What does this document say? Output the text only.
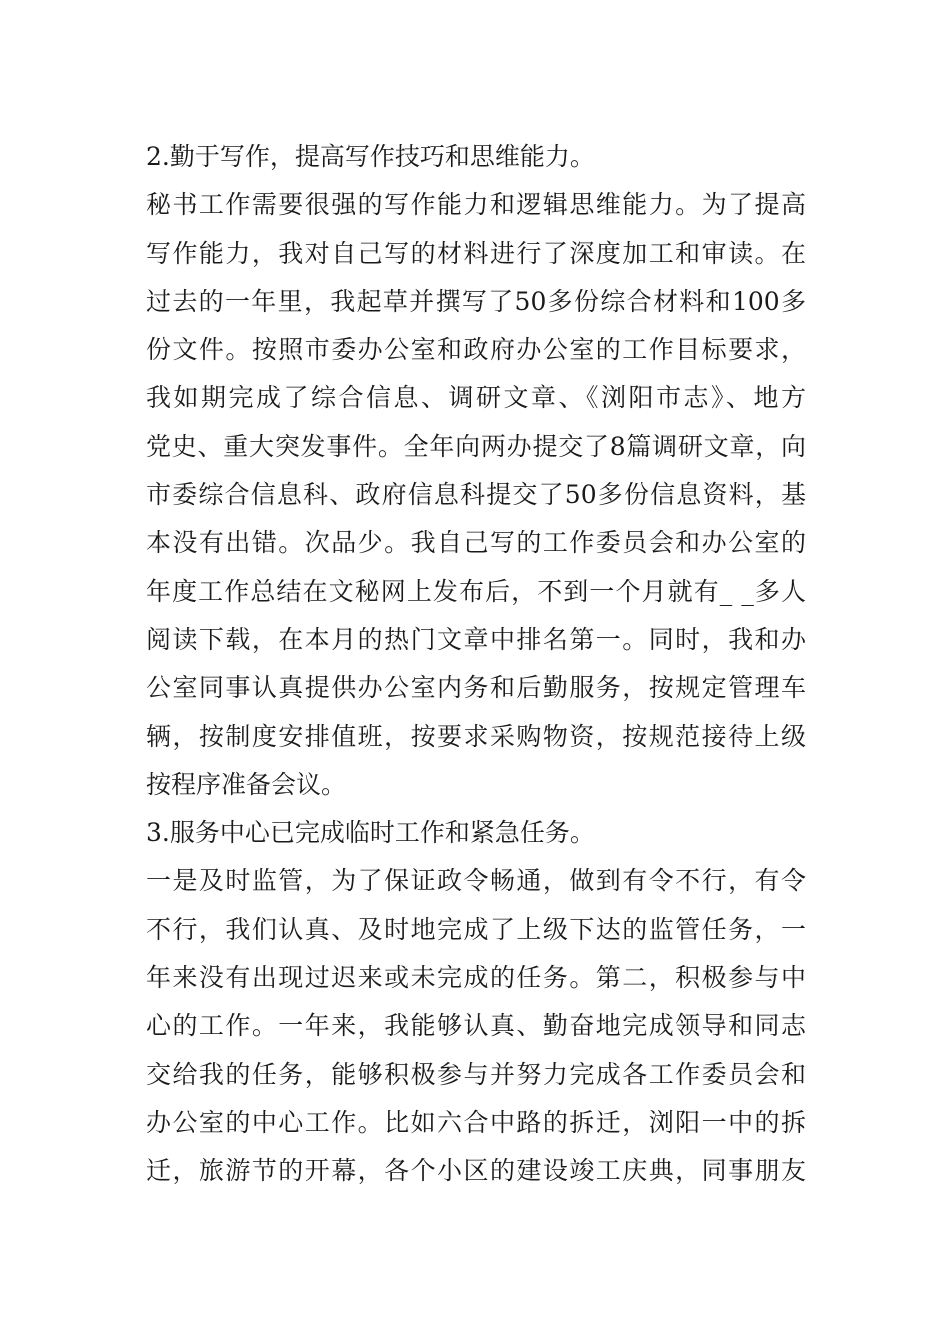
2.勤于写作，提高写作技巧和思维能力。
秘书工作需要很强的写作能力和逻辑思维能力。为了提高
写作能力，我对自己写的材料进行了深度加工和审读。在
过去的一年里，我起草并撰写了50多份综合材料和100多
份文件。按照市委办公室和政府办公室的工作目标要求，
我如期完成了综合信息、调研文章、《浏阳市志》、地方
党史、重大突发事件。全年向两办提交了8篇调研文章，向
市委综合信息科、政府信息科提交了50多份信息资料，基
本没有出错。次品少。我自己写的工作委员会和办公室的
年度工作总结在文秘网上发布后，不到一个月就有_ _多人
阅读下载，在本月的热门文章中排名第一。同时，我和办
公室同事认真提供办公室内务和后勤服务，按规定管理车
辆，按制度安排值班，按要求采购物资，按规范接待上级
按程序准备会议。
3.服务中心已完成临时工作和紧急任务。
一是及时监管，为了保证政令畅通，做到有令不行，有令
不行，我们认真、及时地完成了上级下达的监管任务，一
年来没有出现过迟来或未完成的任务。第二，积极参与中
心的工作。一年来，我能够认真、勤奋地完成领导和同志
交给我的任务，能够积极参与并努力完成各工作委员会和
办公室的中心工作。比如六合中路的拆迁，浏阳一中的拆
迁，旅游节的开幕，各个小区的建设竣工庆典，同事朋友
